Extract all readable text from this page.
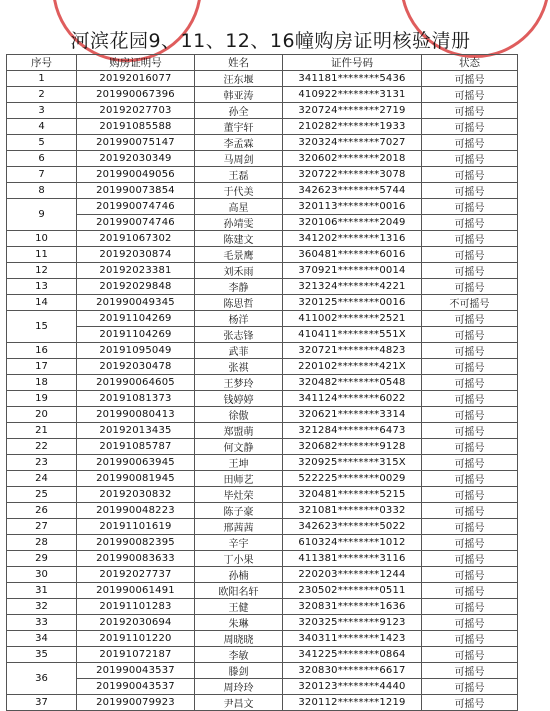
河滨花园9、11、12、16幢购房证明核验清册
序号	购房证明号	姓名	证件号码	状态
1	20192016077	汪东堰	341181********5436	可摇号
2	201990067396	韩亚涛	410922********3131	可摇号
3	20192027703	孙全	320724********2719	可摇号
4	20191085588	董宇轩	210282********1933	可摇号
5	201990075147	李孟霖	320324********7027	可摇号
6	20192030349	马周剑	320602********2018	可摇号
7	201990049056	王磊	320722********3078	可摇号
8	201990073854	于代美	342623********5744	可摇号
9	201990074746	高星	320113********0016	可摇号
	201990074746	孙靖雯	320106********2049	可摇号
10	20191067302	陈建文	341202********1316	可摇号
11	20192030874	毛景鹰	360481********6016	可摇号
12	20192023381	刘禾雨	370921********0014	可摇号
13	20192029848	李静	321324********4221	可摇号
14	201990049345	陈思哲	320125********0016	不可摇号
15	20191104269	杨洋	411002********2521	可摇号
	20191104269	张志锋	410411********551X	可摇号
16	20191095049	武菲	320721********4823	可摇号
17	20192030478	张祺	220102********421X	可摇号
18	201990064605	王梦玲	320482********0548	可摇号
19	20191081373	钱婷婷	341124********6022	可摇号
20	201990080413	徐傲	320621********3314	可摇号
21	20192013435	郑盟萌	321284********6473	可摇号
22	20191085787	何文静	320682********9128	可摇号
23	201990063945	王坤	320925********315X	可摇号
24	201990081945	田师艺	522225********0029	可摇号
25	20192030832	毕灶荣	320481********5215	可摇号
26	201990048223	陈子豪	321081********0332	可摇号
27	20191101619	邢茜茜	342623********5022	可摇号
28	201990082395	辛宇	610324********1012	可摇号
29	201990083633	丁小果	411381********3116	可摇号
30	20192027737	孙楠	220203********1244	可摇号
31	201990061491	欧阳名轩	230502********0511	可摇号
32	20191101283	王健	320831********1636	可摇号
33	20192030694	朱琳	320325********9123	可摇号
34	20191101220	周晓晓	340311********1423	可摇号
35	20191072187	李敏	341225********0864	可摇号
36	201990043537	滕剑	320830********6617	可摇号
	201990043537	周玲玲	320123********4440	可摇号
37	201990079923	尹昌文	320112********1219	可摇号
